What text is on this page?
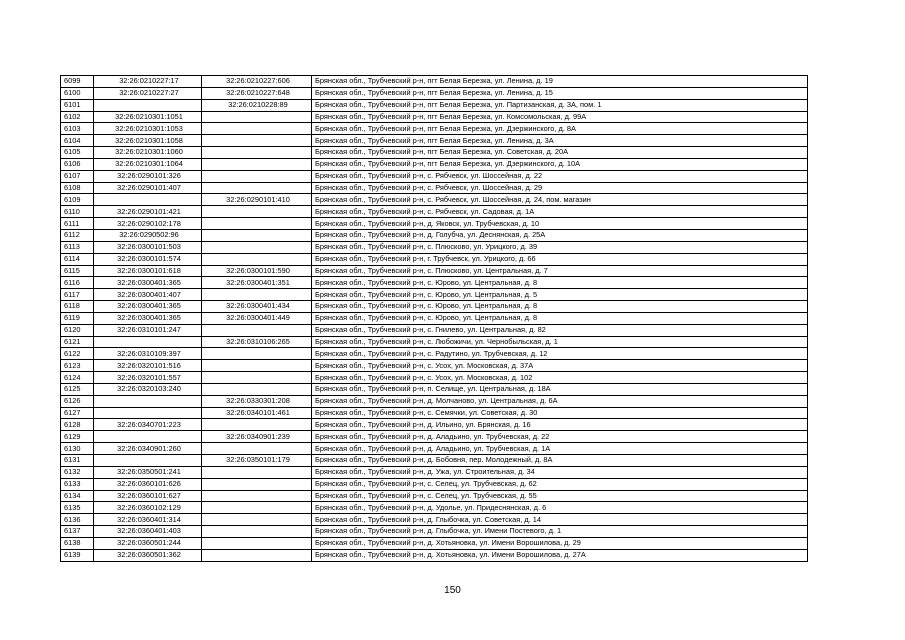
6099	32:26:0210227:17	32:26:0210227:606	Брянская обл., Трубчевский р-н, пгт Белая Березка, ул. Ленина, д. 19
6100	32:26:0210227:27	32:26:0210227:648	Брянская обл., Трубчевский р-н, пгт Белая Березка, ул. Ленина, д. 15
6101		32:26:0210228:89	Брянская обл., Трубчевский р-н, пгт Белая Березка, ул. Партизанская, д. 3А, пом. 1
6102	32:26:0210301:1051		Брянская обл., Трубчевский р-н, пгт Белая Березка, ул. Комсомольская, д. 99А
6103	32:26:0210301:1053		Брянская обл., Трубчевский р-н, пгт Белая Березка, ул. Дзержинского, д. 8А
6104	32:26:0210301:1058		Брянская обл., Трубчевский р-н, пгт Белая Березка, ул. Ленина, д. 3А
6105	32:26:0210301:1060		Брянская обл., Трубчевский р-н, пгт Белая Березка, ул. Советская, д. 20А
6106	32:26:0210301:1064		Брянская обл., Трубчевский р-н, пгт Белая Березка, ул. Дзержинского, д. 10А
6107	32:26:0290101:326		Брянская обл., Трубчевский р-н, с. Рябчевск, ул. Шоссейная, д. 22
6108	32:26:0290101:407		Брянская обл., Трубчевский р-н, с. Рябчевск, ул. Шоссейная, д. 29
6109		32:26:0290101:410	Брянская обл., Трубчевский р-н, с. Рябчевск, ул. Шоссейная, д. 24, пом. магазин
6110	32:26:0290101:421		Брянская обл., Трубчевский р-н, с. Рябчевск, ул. Садовая, д. 1А
6111	32:26:0290102:178		Брянская обл., Трубчевский р-н, д. Яковск, ул. Трубчевская, д. 10
6112	32:26:0290502:96		Брянская обл., Трубчевский р-н, д. Голубча, ул. Деснянская, д. 25А
6113	32:26:0300101:503		Брянская обл., Трубчевский р-н, с. Плюсково, ул. Урицкого, д. 39
6114	32:26:0300101:574		Брянская обл., Трубчевский р-н, г. Трубчевск, ул. Урицкого, д. 66
6115	32:26:0300101:618	32:26:0300101:590	Брянская обл., Трубчевский р-н, с. Плюсково, ул. Центральная, д. 7
6116	32:26:0300401:365	32:26:0300401:351	Брянская обл., Трубчевский р-н, с. Юрово, ул. Центральная, д. 8
6117	32:26:0300401:407		Брянская обл., Трубчевский р-н, с. Юрово, ул. Центральная, д. 5
6118	32:26:0300401:365	32:26:0300401:434	Брянская обл., Трубчевский р-н, с. Юрово, ул. Центральная, д. 8
6119	32:26:0300401:365	32:26:0300401:449	Брянская обл., Трубчевский р-н, с. Юрово, ул. Центральная, д. 8
6120	32:26:0310101:247		Брянская обл., Трубчевский р-н, с. Гнилево, ул. Центральная, д. 82
6121		32:26:0310106:265	Брянская обл., Трубчевский р-н, с. Любожичи, ул. Чернобыльская, д. 1
6122	32:26:0310109:397		Брянская обл., Трубчевский р-н, с. Радутино, ул. Трубчевская, д. 12
6123	32:26:0320101:516		Брянская обл., Трубчевский р-н, с. Усох, ул. Московская, д. 37А
6124	32:26:0320101:557		Брянская обл., Трубчевский р-н, с. Усох, ул. Московская, д. 102
6125	32:26:0320103:240		Брянская обл., Трубчевский р-н, п. Селище, ул. Центральная, д. 18А
6126		32:26:0330301:208	Брянская обл., Трубчевский р-н, д. Молчаново, ул. Центральная, д. 6А
6127		32:26:0340101:461	Брянская обл., Трубчевский р-н, с. Семячки, ул. Советская, д. 30
6128	32:26:0340701:223		Брянская обл., Трубчевский р-н, д. Ильино, ул. Брянская, д. 16
6129		32:26:0340901:239	Брянская обл., Трубчевский р-н, д. Аладьино, ул. Трубчевская, д. 22
6130	32:26:0340901:260		Брянская обл., Трубчевский р-н, д. Аладьино, ул. Трубчевская, д. 1А
6131		32:26:0350101:179	Брянская обл., Трубчевский р-н, д. Бобовня, пер. Молодежный, д. 8А
6132	32:26:0350501:241		Брянская обл., Трубчевский р-н, д. Ужа, ул. Строительная, д. 34
6133	32:26:0360101:626		Брянская обл., Трубчевский р-н, с. Селец, ул. Трубчевская, д. 62
6134	32:26:0360101:627		Брянская обл., Трубчевский р-н, с. Селец, ул. Трубчевская, д. 55
6135	32:26:0360102:129		Брянская обл., Трубчевский р-н, д. Удолье, ул. Придеснянская, д. 6
6136	32:26:0360401:314		Брянская обл., Трубчевский р-н, д. Глыбочка, ул. Советская, д. 14
6137	32:26:0360401:403		Брянская обл., Трубчевский р-н, д. Глыбочка, ул. Имени Постевого, д. 1
6138	32:26:0360501:244		Брянская обл., Трубчевский р-н, д. Хотьяновка, ул. Имени Ворошилова, д. 29
6139	32:26:0360501:362		Брянская обл., Трубчевский р-н, д. Хотьяновка, ул. Имени Ворошилова, д. 27А
150
